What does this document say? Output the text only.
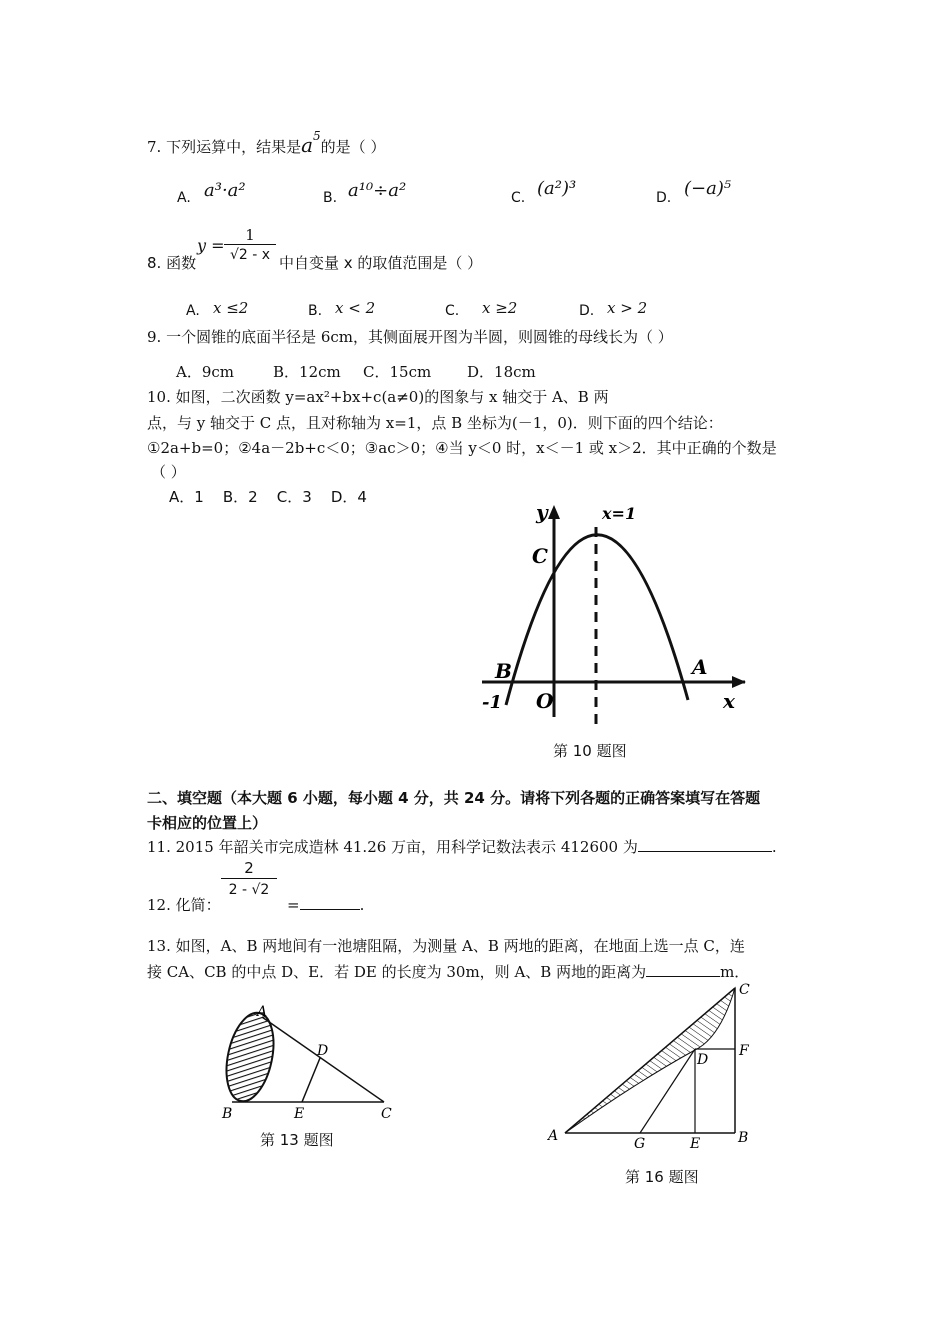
7. 下列运算中，结果是$a^5$的是（ ）
A. a³·a²	B. a¹⁰÷a²	C. (a²)³	D. (−a)⁵
8. 函数
$y = \frac{1}{√2 - x}$ 中自变量 x 的取值范围是（ ）
A. x ≤2	B. x < 2	C. x ≥2	D. x > 2
9. 一个圆锥的底面半径是 6cm，其侧面展开图为半圆，则圆锥的母线长为（ ）
A．9cm	B．12cm C．15cm D．18cm
10. 如图，二次函数 y=ax²+bx+c(a≠0)的图象与 x 轴交于 A、B 两
点，与 y 轴交于 C 点，且对称轴为 x=1，点 B 坐标为(－1，0)．则下面的四个结论：
①2a+b=0；②4a－2b+c＜0；③ac＞0；④当 y＜0 时，x＜－1 或 x＞2．其中正确的个数是
（ ）
A．1    B．2    C．3    D．4
y	x=1
C
B	A
O
-1	x
第 10 题图
二、填空题（本大题 6 小题，每小题 4 分，共 24 分。请将下列各题的正确答案填写在答题
卡相应的位置上）
11. 2015 年韶关市完成造林 41.26 万亩，用科学记数法表示 412600 为	.
12. 化简：
$\frac{2}{2 - √2}$
=	.
13. 如图，A、B 两地间有一池塘阻隔，为测量 A、B 两地的距离，在地面上选一点 C，连
接 CA、CB 的中点 D、E．若 DE 的长度为 30m，则 A、B 两地的距离为	m．
A
D
B	E	C
第 13 题图
C
F
D
A	G	E	B
第 16 题图
